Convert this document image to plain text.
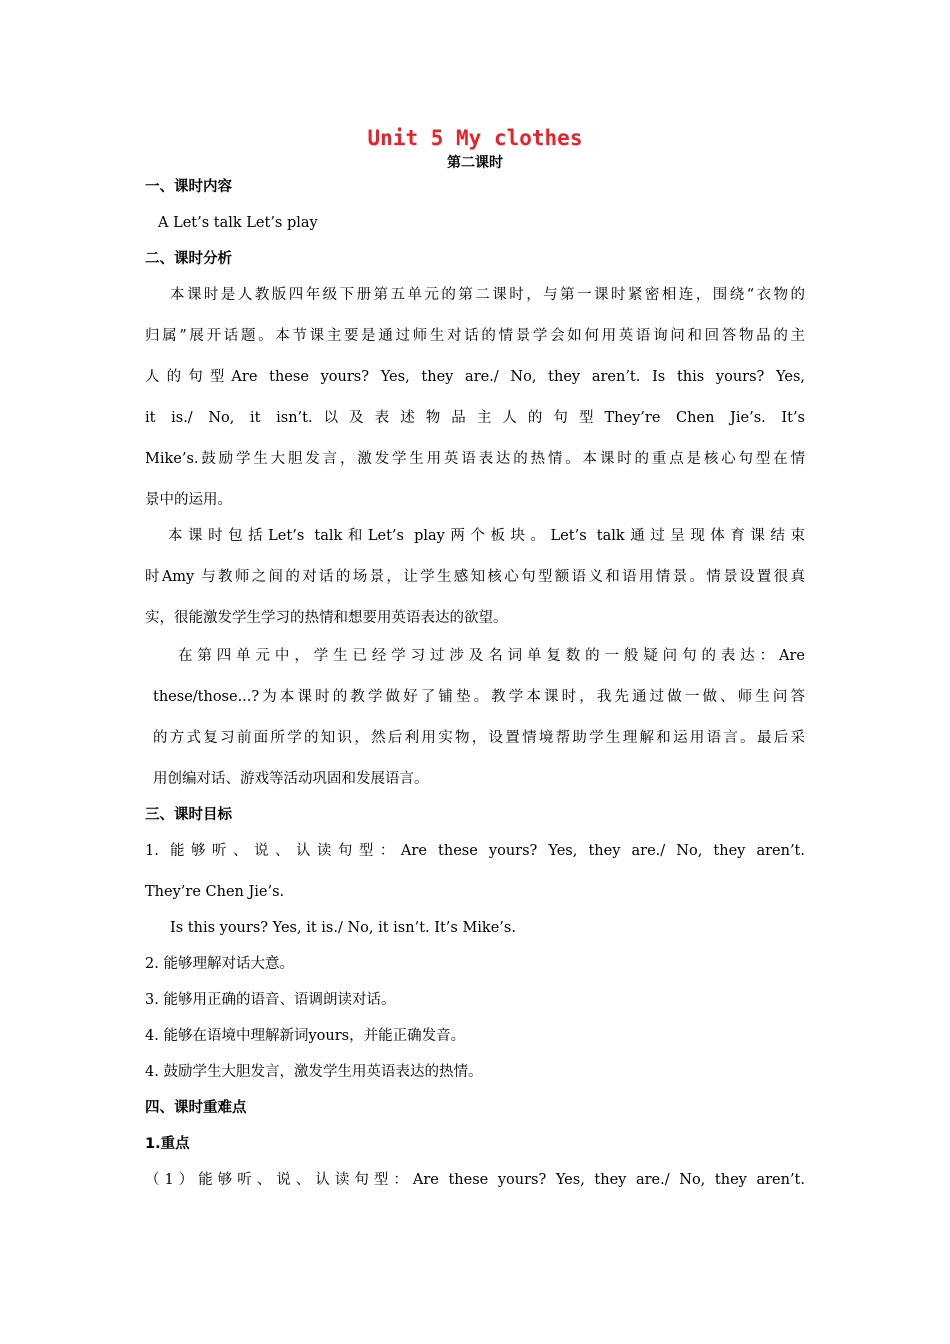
Unit 5 My clothes
第二课时
一、课时内容
A Let’s talk Let’s play
二、课时分析
本课时是人教版四年级下册第五单元的第二课时，与第一课时紧密相连，围绕“衣物的
归属”展开话题。本节课主要是通过师生对话的情景学会如何用英语询问和回答物品的主
人的句型Are these yours? Yes, they are./ No, they aren’t. Is this yours? Yes,
it is./ No, it isn’t.以及表述物品主人的句型They’re Chen Jie’s. It’s
Mike’s.鼓励学生大胆发言，激发学生用英语表达的热情。本课时的重点是核心句型在情
景中的运用。
本课时包括Let’s talk和Let’s play两个板块。Let’s talk通过呈现体育课结束
时Amy 与教师之间的对话的场景，让学生感知核心句型额语义和语用情景。情景设置很真
实，很能激发学生学习的热情和想要用英语表达的欲望。
在第四单元中，学生已经学习过涉及名词单复数的一般疑问句的表达：Are
these/those...?为本课时的教学做好了铺垫。教学本课时，我先通过做一做、师生问答
的方式复习前面所学的知识，然后利用实物，设置情境帮助学生理解和运用语言。最后采
用创编对话、游戏等活动巩固和发展语言。
三、课时目标
1. 能够听、说、认读句型：Are these yours? Yes, they are./ No, they aren’t.
They’re Chen Jie’s.
Is this yours? Yes, it is./ No, it isn’t. It’s Mike’s.
2. 能够理解对话大意。
3. 能够用正确的语音、语调朗读对话。
4. 能够在语境中理解新词yours，并能正确发音。
4. 鼓励学生大胆发言，激发学生用英语表达的热情。
四、课时重难点
1.重点
（1）能够听、说、认读句型：Are these yours? Yes, they are./ No, they aren’t.
